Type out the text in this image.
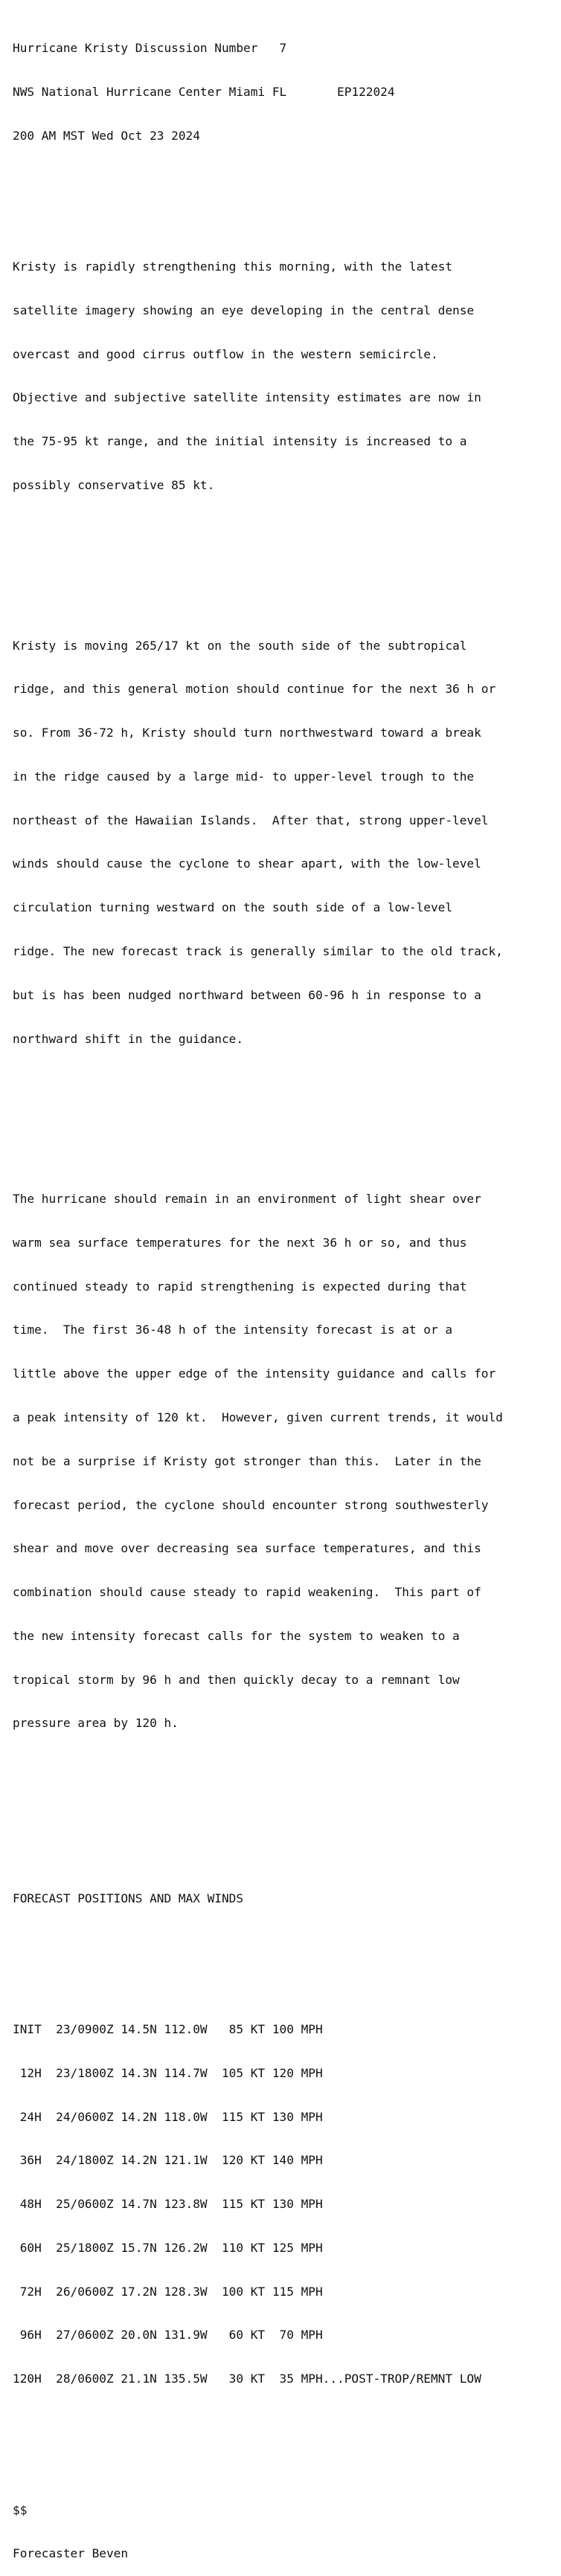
Hurricane Kristy Discussion Number   7

NWS National Hurricane Center Miami FL       EP122024

200 AM MST Wed Oct 23 2024

Kristy is rapidly strengthening this morning, with the latest

satellite imagery showing an eye developing in the central dense

overcast and good cirrus outflow in the western semicircle.

Objective and subjective satellite intensity estimates are now in

the 75-95 kt range, and the initial intensity is increased to a

possibly conservative 85 kt.

Kristy is moving 265/17 kt on the south side of the subtropical

ridge, and this general motion should continue for the next 36 h or

so. From 36-72 h, Kristy should turn northwestward toward a break

in the ridge caused by a large mid- to upper-level trough to the

northeast of the Hawaiian Islands.  After that, strong upper-level

winds should cause the cyclone to shear apart, with the low-level

circulation turning westward on the south side of a low-level

ridge. The new forecast track is generally similar to the old track,

but is has been nudged northward between 60-96 h in response to a

northward shift in the guidance.

The hurricane should remain in an environment of light shear over

warm sea surface temperatures for the next 36 h or so, and thus

continued steady to rapid strengthening is expected during that

time.  The first 36-48 h of the intensity forecast is at or a

little above the upper edge of the intensity guidance and calls for

a peak intensity of 120 kt.  However, given current trends, it would

not be a surprise if Kristy got stronger than this.  Later in the

forecast period, the cyclone should encounter strong southwesterly

shear and move over decreasing sea surface temperatures, and this

combination should cause steady to rapid weakening.  This part of

the new intensity forecast calls for the system to weaken to a

tropical storm by 96 h and then quickly decay to a remnant low

pressure area by 120 h.

FORECAST POSITIONS AND MAX WINDS

INIT  23/0900Z 14.5N 112.0W   85 KT 100 MPH

12H  23/1800Z 14.3N 114.7W  105 KT 120 MPH

24H  24/0600Z 14.2N 118.0W  115 KT 130 MPH

36H  24/1800Z 14.2N 121.1W  120 KT 140 MPH

48H  25/0600Z 14.7N 123.8W  115 KT 130 MPH

60H  25/1800Z 15.7N 126.2W  110 KT 125 MPH

72H  26/0600Z 17.2N 128.3W  100 KT 115 MPH

96H  27/0600Z 20.0N 131.9W   60 KT  70 MPH

120H  28/0600Z 21.1N 135.5W   30 KT  35 MPH...POST-TROP/REMNT LOW

$$

Forecaster Beven
